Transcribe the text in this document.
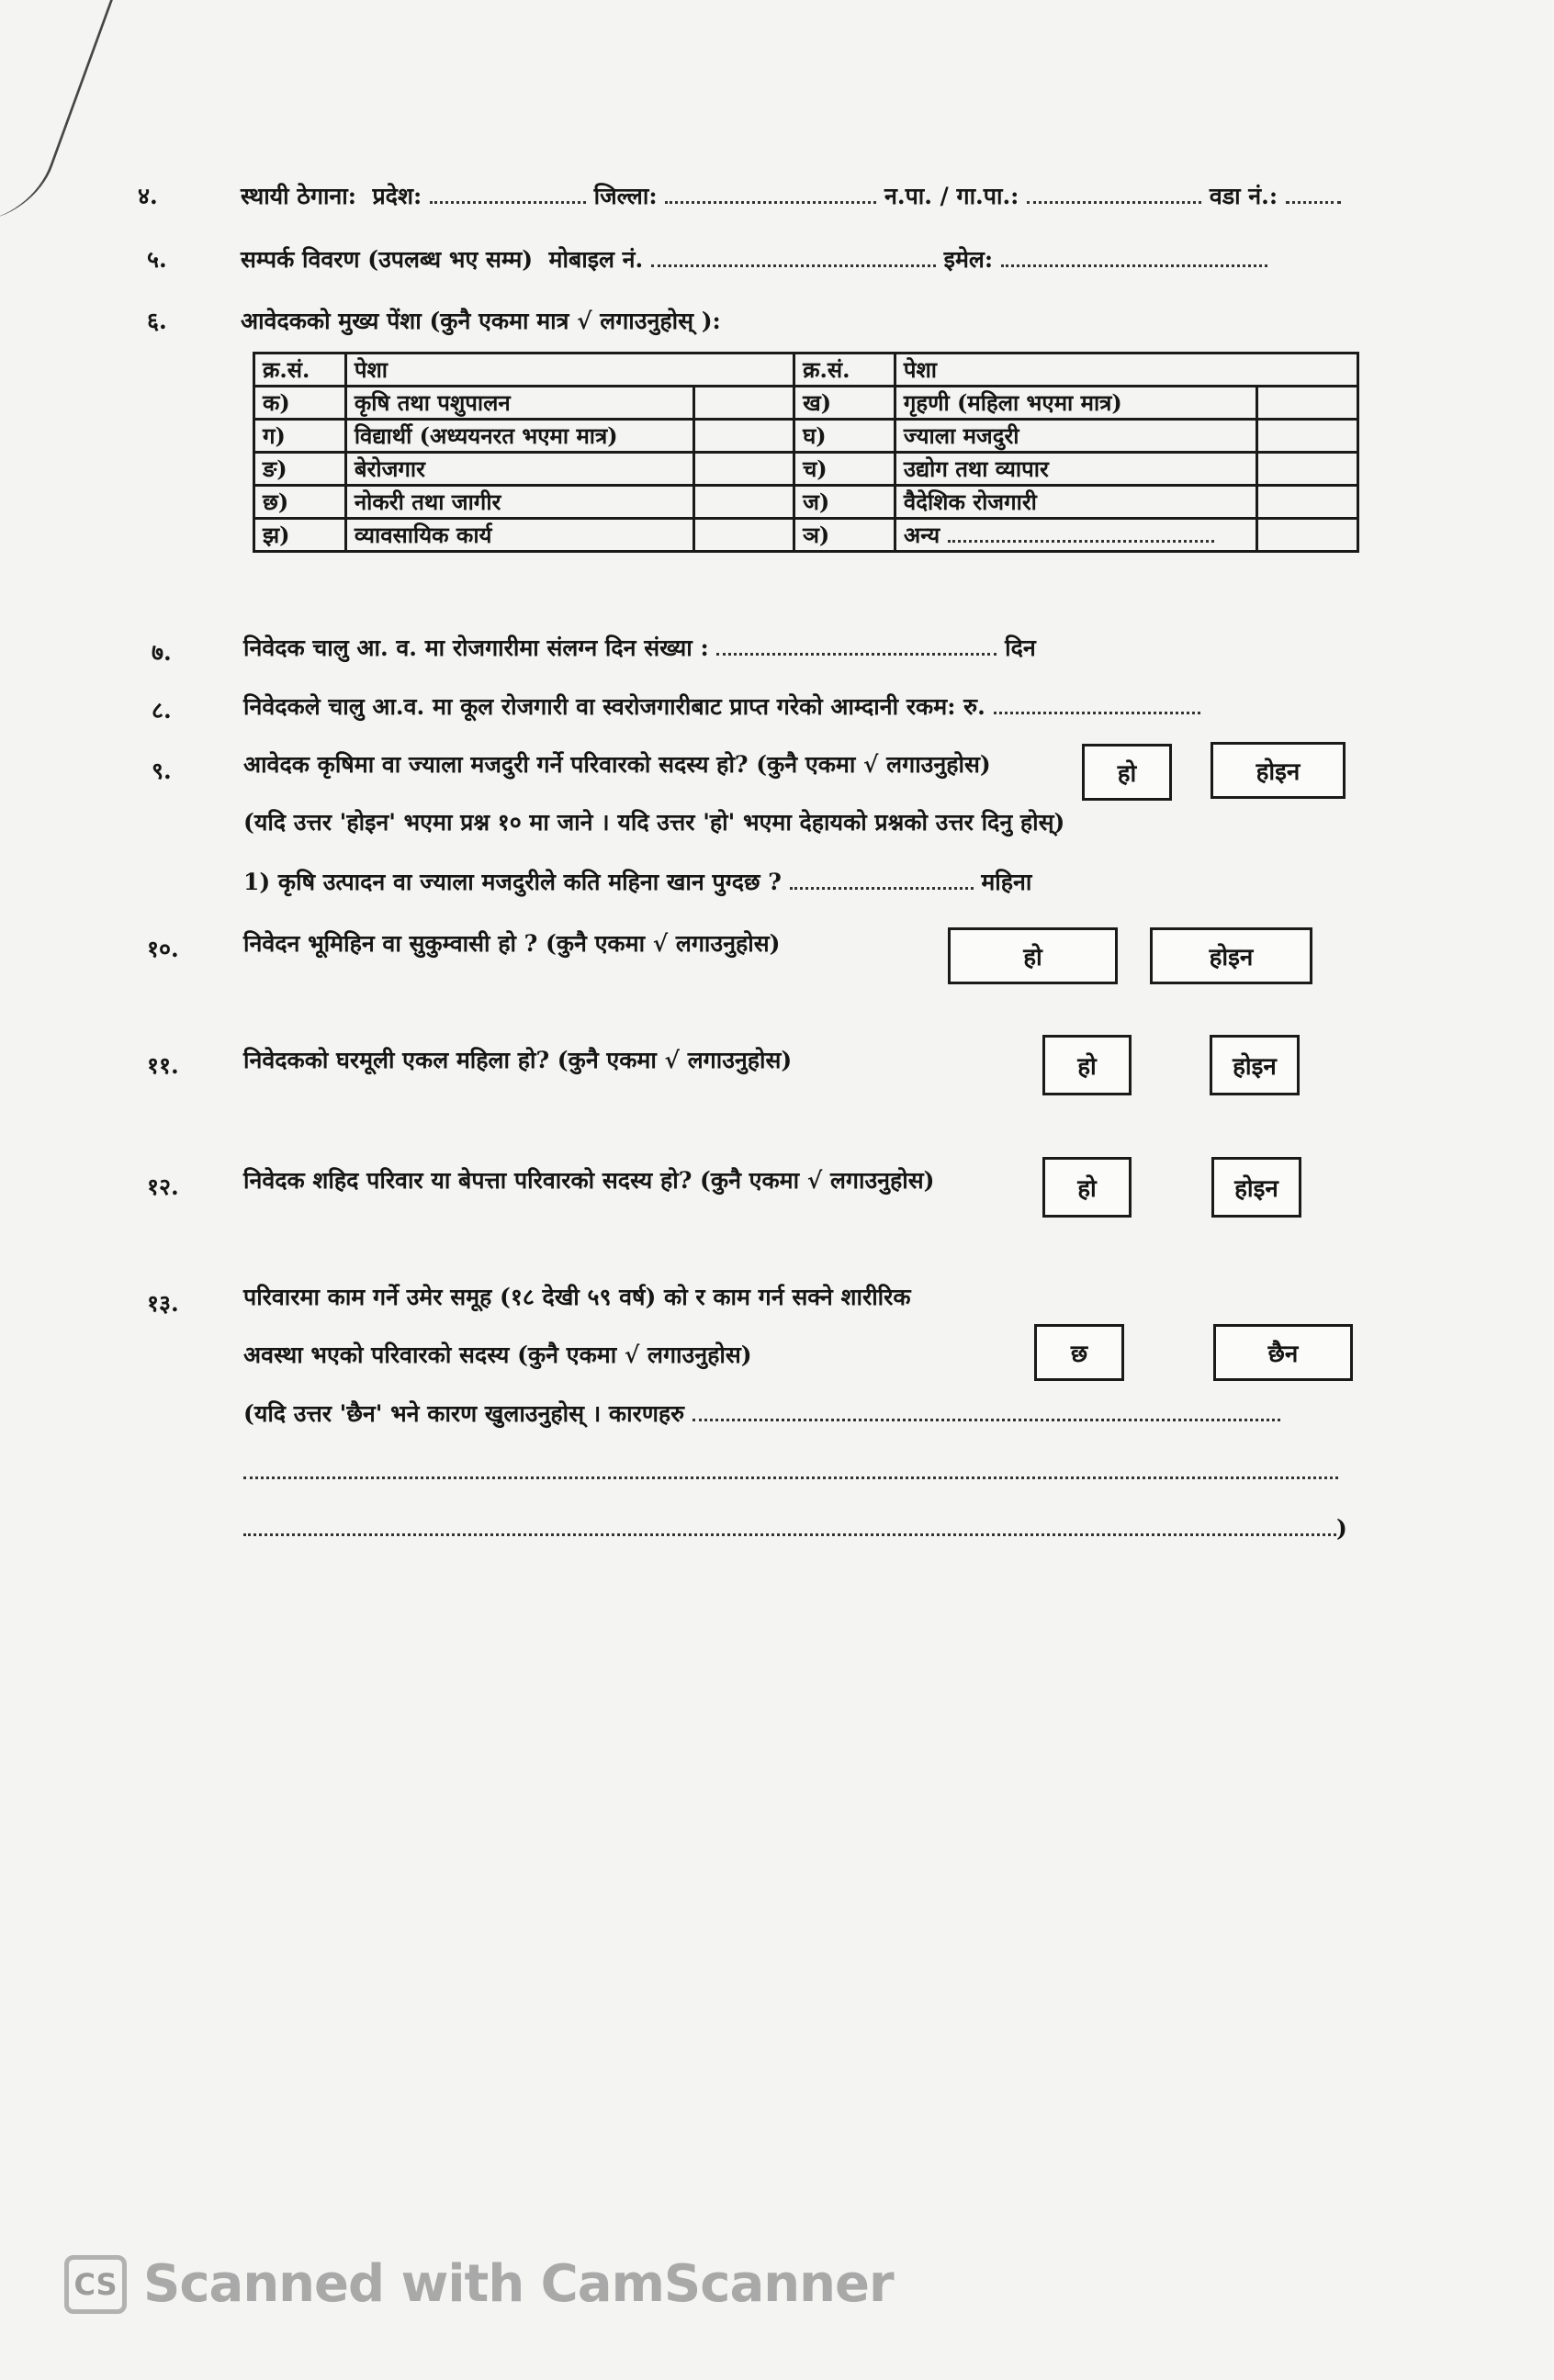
४.	स्थायी ठेगाना: प्रदेश:	जिल्ला:	न.पा. / गा.पा.:	वडा नं.:
५.	सम्पर्क विवरण (उपलब्ध भए सम्म) मोबाइल नं.	इमेल:
६.	आवेदकको मुख्य पेंशा (कुनै एकमा मात्र √ लगाउनुहोस् ):
क्र.सं.	पेशा		क्र.सं.	पेशा	
क)	कृषि तथा पशुपालन		ख)	गृहणी (महिला भएमा मात्र)	
ग)	विद्यार्थी (अध्ययनरत भएमा मात्र)		घ)	ज्याला मजदुरी	
ङ)	बेरोजगार		च)	उद्योग तथा व्यापार	
छ)	नोकरी तथा जागीर		ज)	वैदेशिक रोजगारी	
झ)	व्यावसायिक कार्य		ञ)	अन्य	
७.	निवेदक चालु आ. व. मा रोजगारीमा संलग्न दिन संख्या :	दिन
८.	निवेदकले चालु आ.व. मा कूल रोजगारी वा स्वरोजगारीबाट प्राप्त गरेको आम्दानी रकम: रु.
९.	आवेदक कृषिमा वा ज्याला मजदुरी गर्ने परिवारको सदस्य हो? (कुनै एकमा √ लगाउनुहोस)	हो	होइन
(यदि उत्तर 'होइन' भएमा प्रश्न १० मा जाने । यदि उत्तर 'हो' भएमा देहायको प्रश्नको उत्तर दिनु होस्)
1) कृषि उत्पादन वा ज्याला मजदुरीले कति महिना खान पुग्दछ ?	महिना
१०.	निवेदन भूमिहिन वा सुकुम्वासी हो ? (कुनै एकमा √ लगाउनुहोस)
हो	होइन
११.	निवेदकको घरमूली एकल महिला हो? (कुनै एकमा √ लगाउनुहोस)	हो	होइन
१२.	निवेदक शहिद परिवार या बेपत्ता परिवारको सदस्य हो? (कुनै एकमा √ लगाउनुहोस)	हो	होइन
१३.	परिवारमा काम गर्ने उमेर समूह (१८ देखी ५९ वर्ष) को र काम गर्न सक्ने शारीरिक
अवस्था भएको परिवारको सदस्य (कुनै एकमा √ लगाउनुहोस)	छ	छैन
(यदि उत्तर 'छैन' भने कारण खुलाउनुहोस् । कारणहरु
)
CS Scanned with CamScanner
